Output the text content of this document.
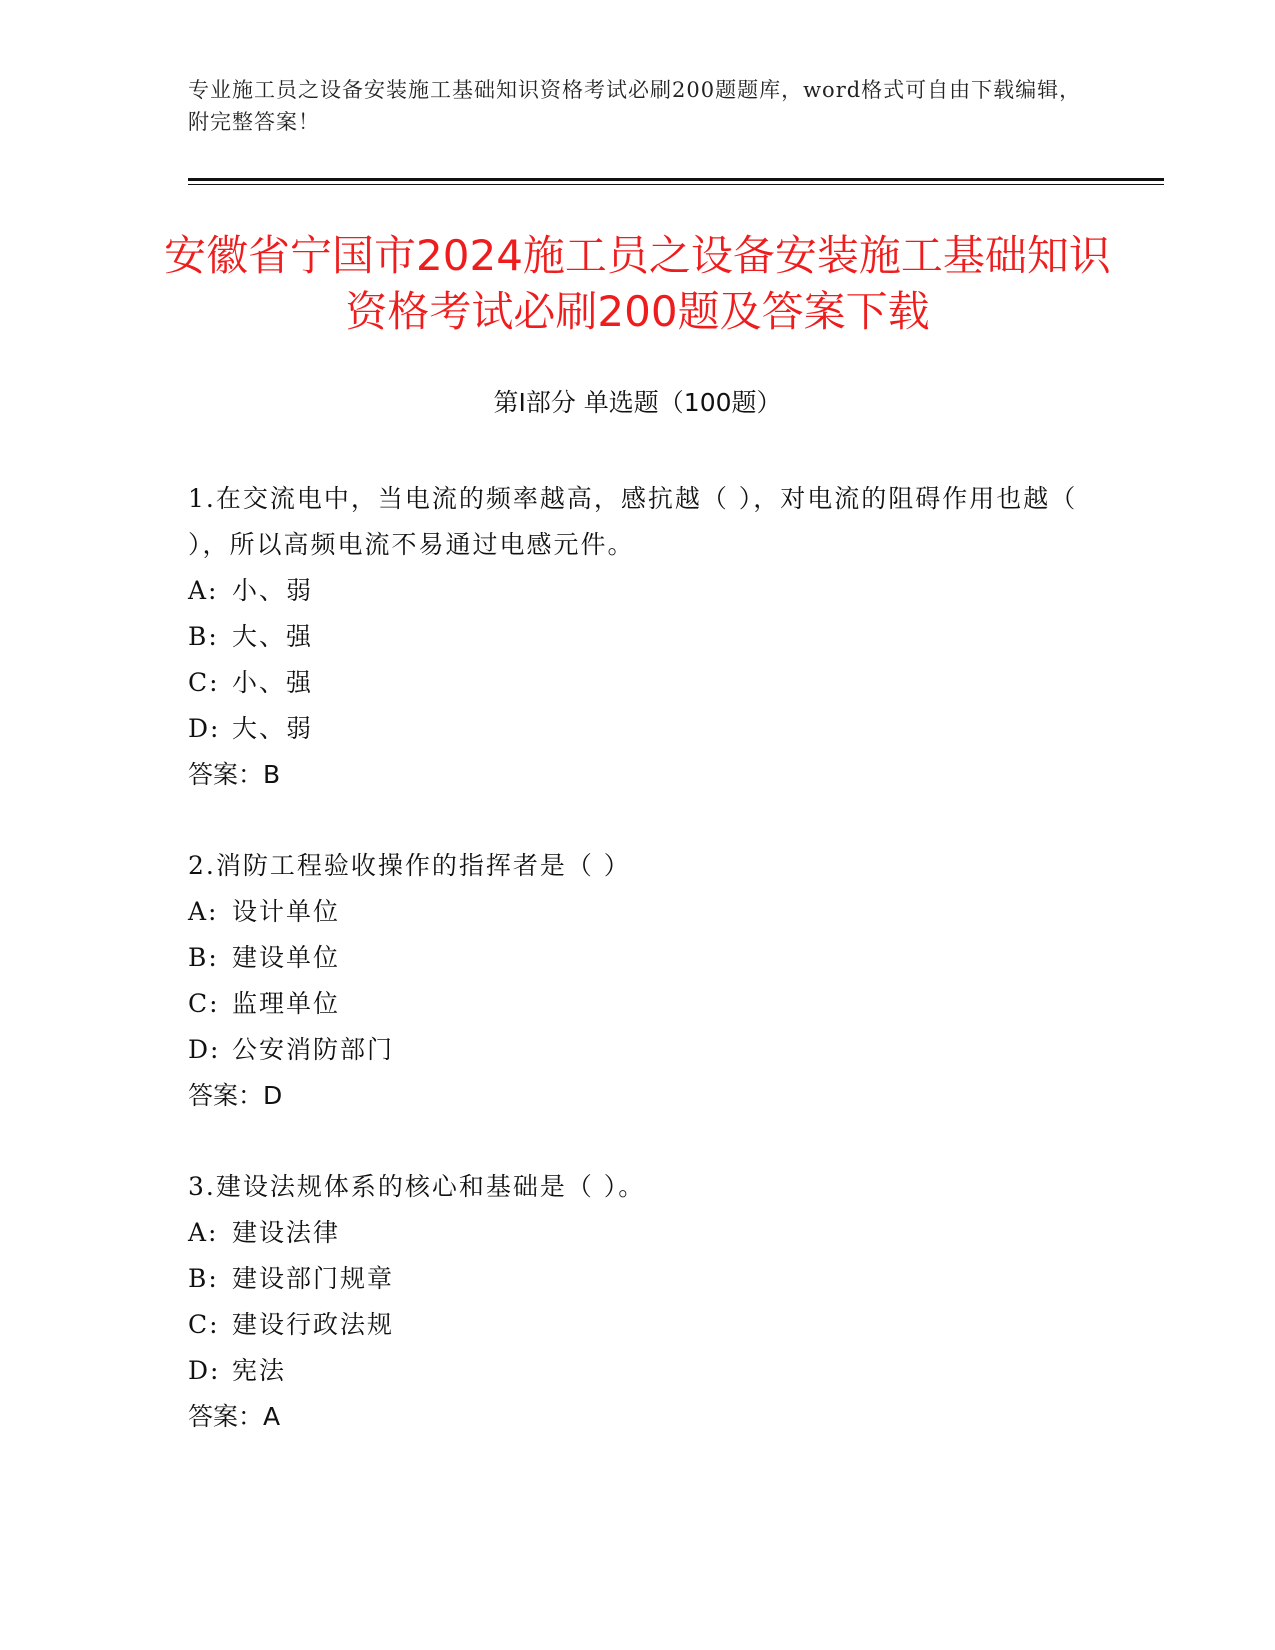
专业施工员之设备安装施工基础知识资格考试必刷200题题库，word格式可自由下载编辑，附完整答案！
安徽省宁国市2024施工员之设备安装施工基础知识资格考试必刷200题及答案下载
第Ⅰ部分 单选题（100题）
1.在交流电中，当电流的频率越高，感抗越（ ），对电流的阻碍作用也越（ ），所以高频电流不易通过电感元件。
A: 小、弱
B: 大、强
C: 小、强
D: 大、弱
答案：B
2.消防工程验收操作的指挥者是（ ）
A: 设计单位
B: 建设单位
C: 监理单位
D: 公安消防部门
答案：D
3.建设法规体系的核心和基础是（ ）。
A: 建设法律
B: 建设部门规章
C: 建设行政法规
D: 宪法
答案：A
